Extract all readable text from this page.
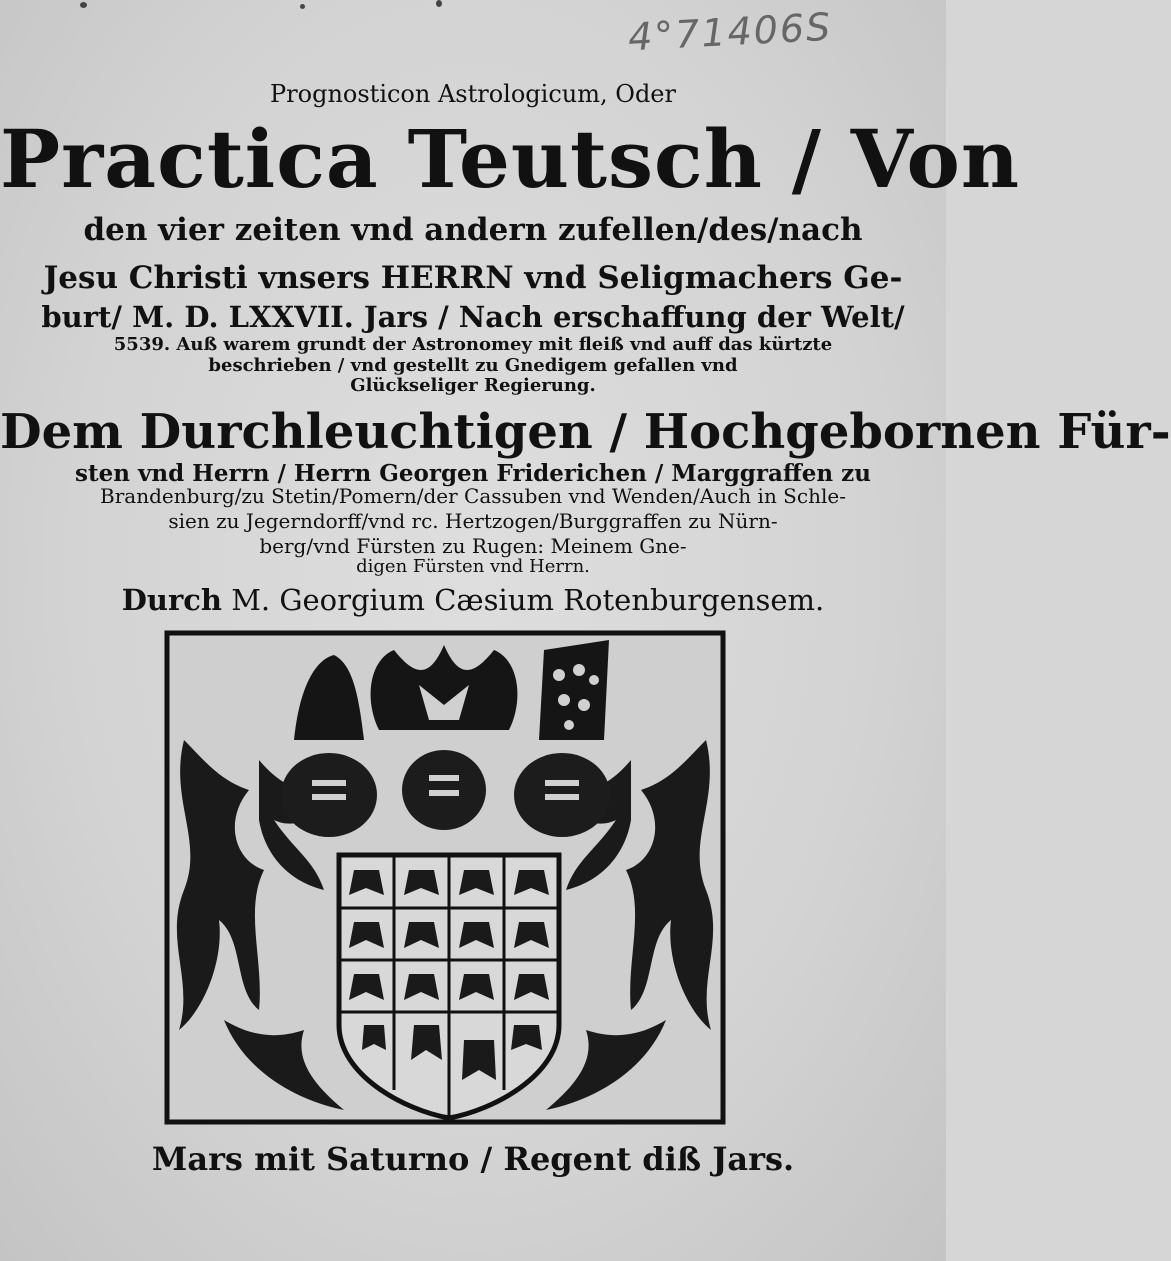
4°71406S
Prognosticon Astrologicum, Oder
Practica Teutsch / Von
den vier zeiten vnd andern zufellen/des/nach
Jesu Christi vnsers HERRN vnd Seligmachers Ge-
burt/ M. D. LXXVII. Jars / Nach erschaffung der Welt/
5539. Auß warem grundt der Astronomey mit fleiß vnd auff das kürtzte
beschrieben / vnd gestellt zu Gnedigem gefallen vnd
Glückseliger Regierung.
Dem Durchleuchtigen / Hochgebornen Für-
sten vnd Herrn / Herrn Georgen Friderichen / Marggraffen zu
Brandenburg/zu Stetin/Pomern/der Cassuben vnd Wenden/Auch in Schle-
sien zu Jegerndorff/vnd rc. Hertzogen/Burggraffen zu Nürn-
berg/vnd Fürsten zu Rugen: Meinem Gne-
digen Fürsten vnd Herrn.
Durch M. Georgium Cæsium Rotenburgensem.
Mars mit Saturno / Regent diß Jars.
